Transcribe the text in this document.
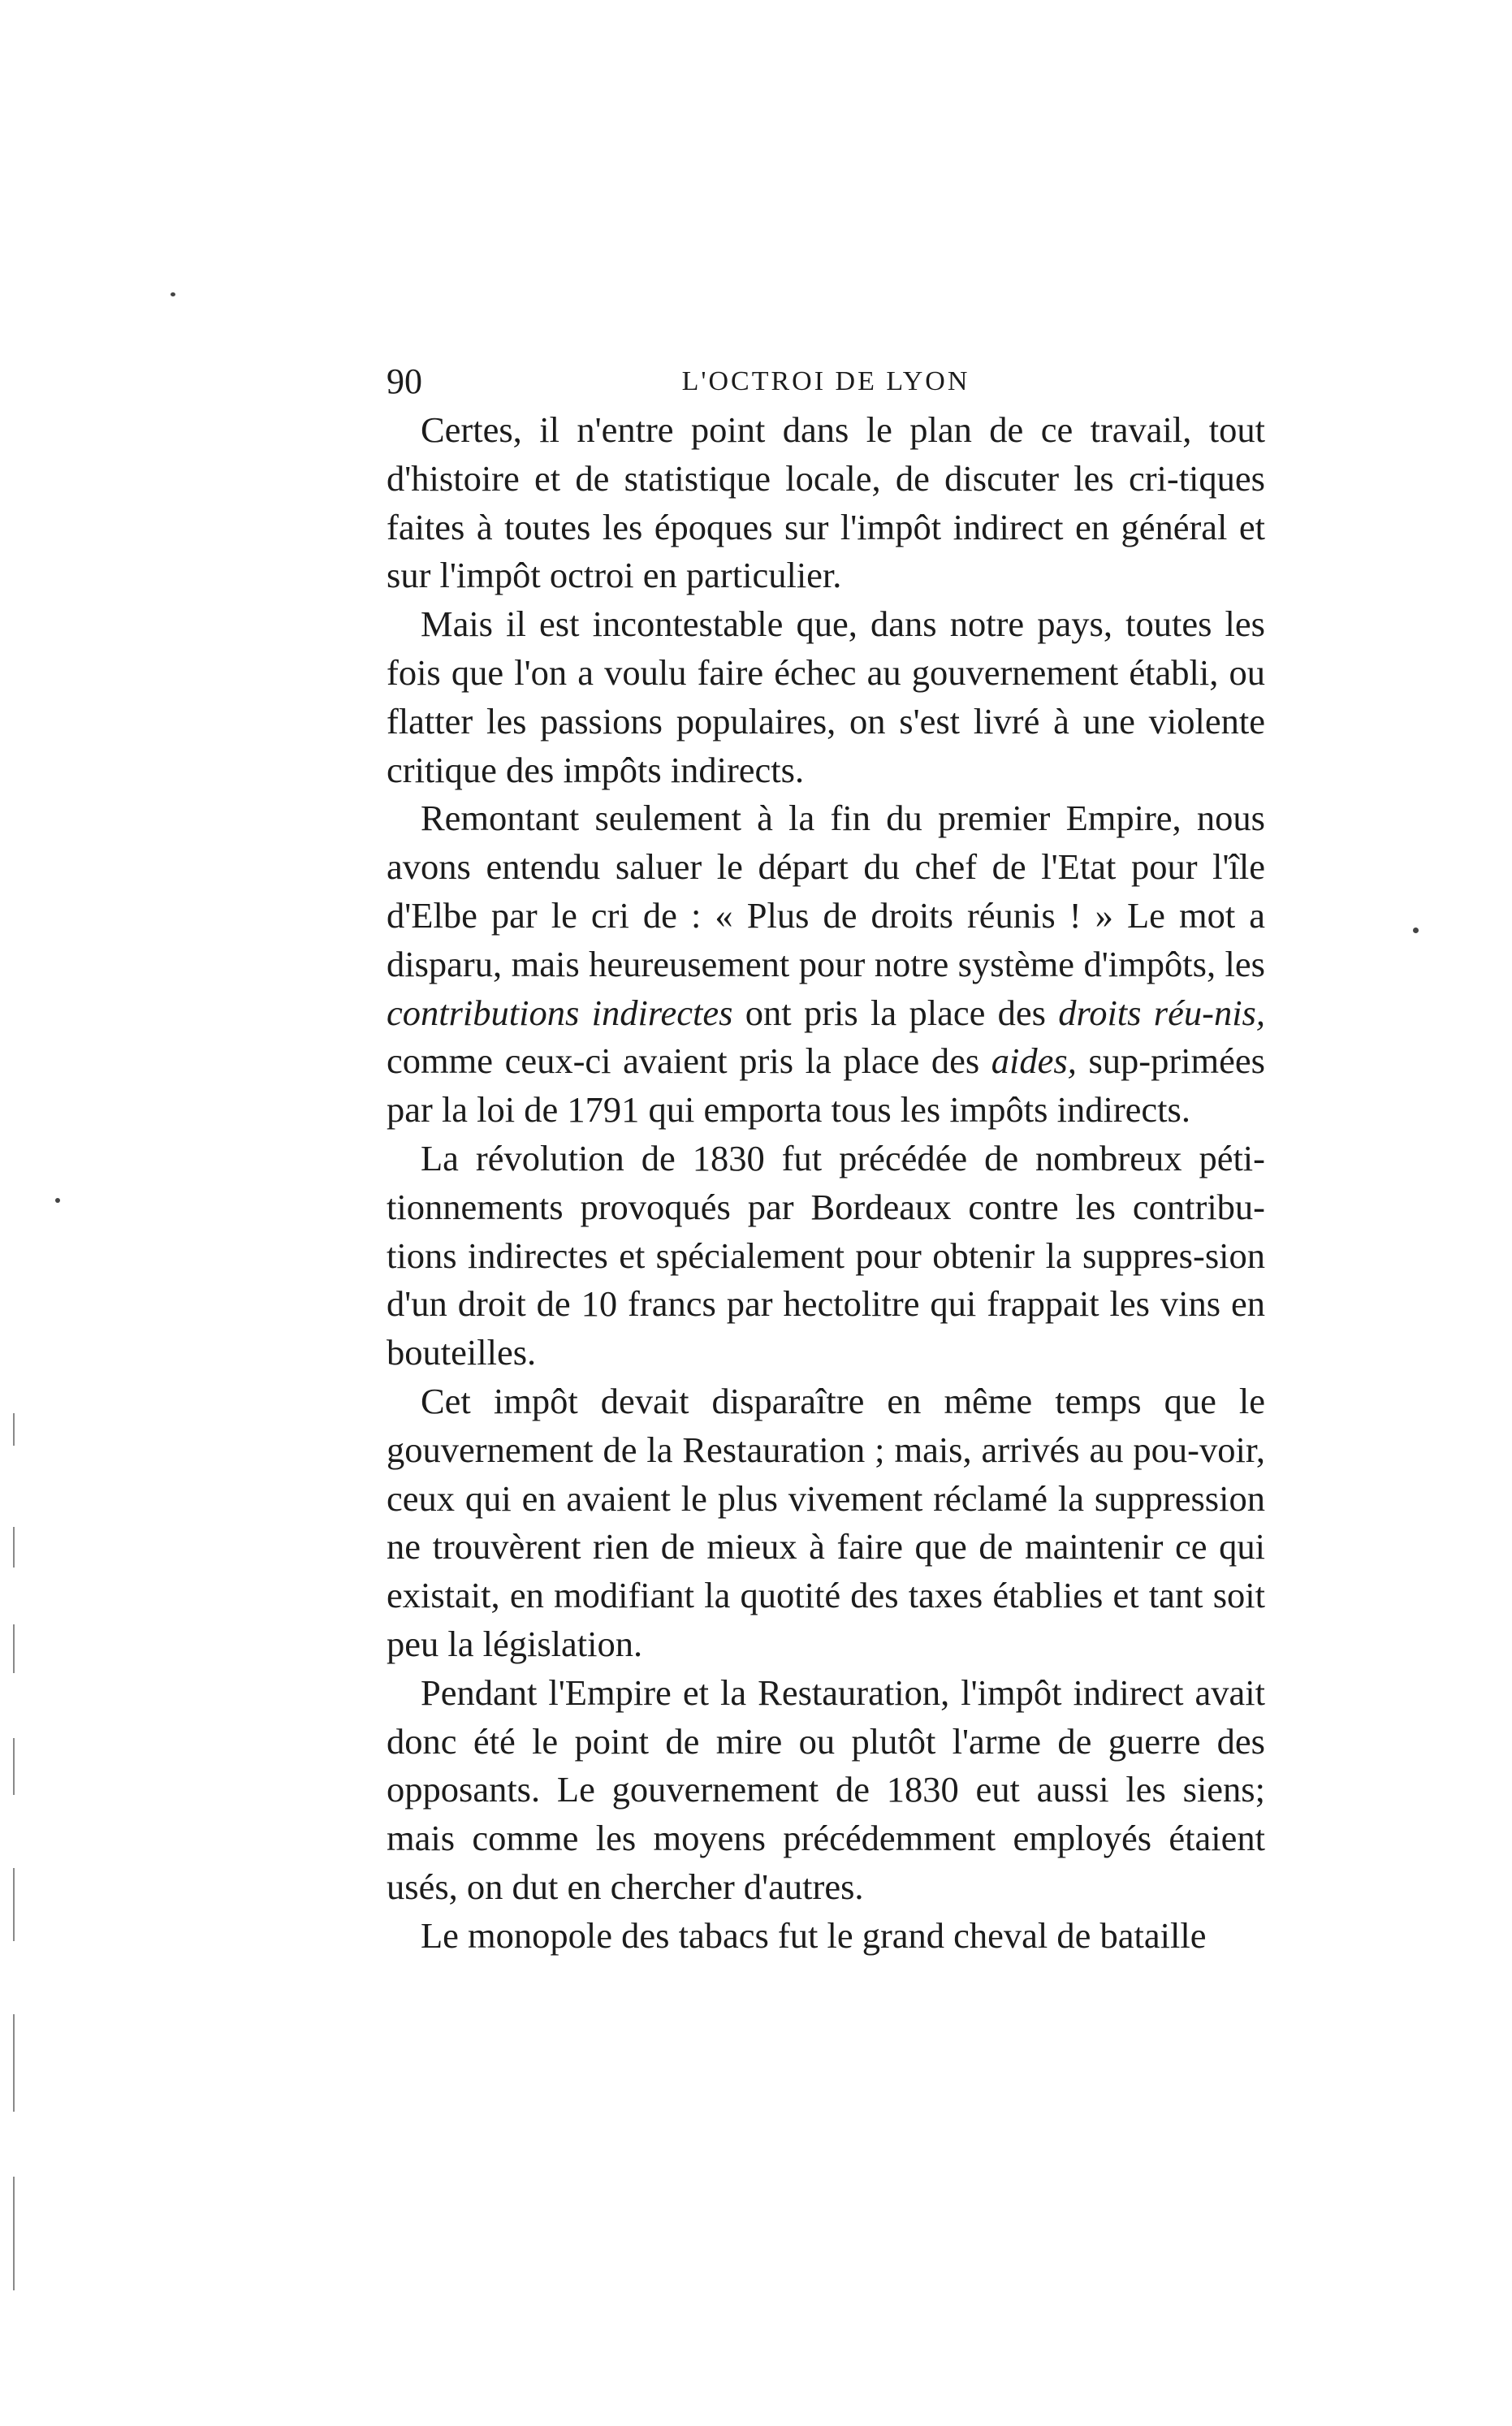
90	L'OCTROI DE LYON

Certes, il n'entre point dans le plan de ce travail, tout d'histoire et de statistique locale, de discuter les cri-tiques faites à toutes les époques sur l'impôt indirect en général et sur l'impôt octroi en particulier.

Mais il est incontestable que, dans notre pays, toutes les fois que l'on a voulu faire échec au gouvernement établi, ou flatter les passions populaires, on s'est livré à une violente critique des impôts indirects.

Remontant seulement à la fin du premier Empire, nous avons entendu saluer le départ du chef de l'Etat pour l'île d'Elbe par le cri de : « Plus de droits réunis ! » Le mot a disparu, mais heureusement pour notre système d'impôts, les contributions indirectes ont pris la place des droits réu-nis, comme ceux-ci avaient pris la place des aides, sup-primées par la loi de 1791 qui emporta tous les impôts indirects.

La révolution de 1830 fut précédée de nombreux péti-tionnements provoqués par Bordeaux contre les contribu-tions indirectes et spécialement pour obtenir la suppres-sion d'un droit de 10 francs par hectolitre qui frappait les vins en bouteilles.

Cet impôt devait disparaître en même temps que le gouvernement de la Restauration ; mais, arrivés au pou-voir, ceux qui en avaient le plus vivement réclamé la suppression ne trouvèrent rien de mieux à faire que de maintenir ce qui existait, en modifiant la quotité des taxes établies et tant soit peu la législation.

Pendant l'Empire et la Restauration, l'impôt indirect avait donc été le point de mire ou plutôt l'arme de guerre des opposants. Le gouvernement de 1830 eut aussi les siens; mais comme les moyens précédemment employés étaient usés, on dut en chercher d'autres.

Le monopole des tabacs fut le grand cheval de bataille
